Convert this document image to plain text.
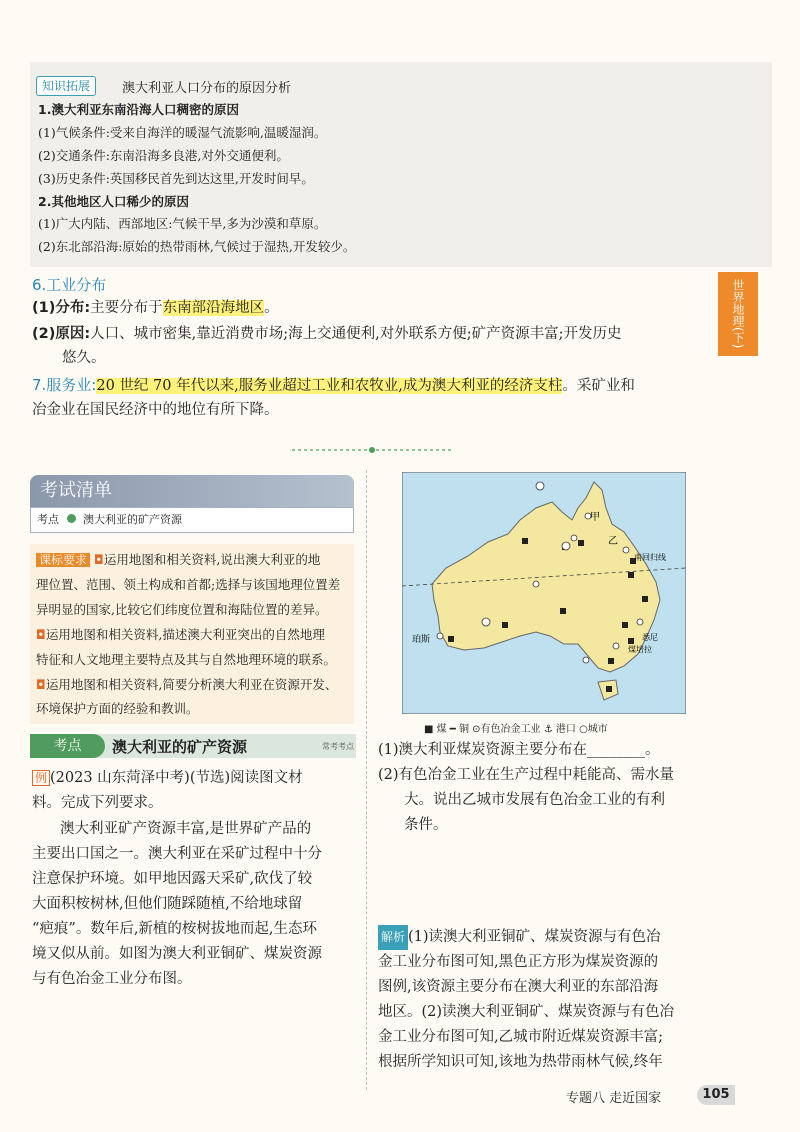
知识拓展	澳大利亚人口分布的原因分析
1.澳大利亚东南沿海人口稠密的原因
(1)气候条件:受来自海洋的暖湿气流影响,温暖湿润。
(2)交通条件:东南沿海多良港,对外交通便利。
(3)历史条件:英国移民首先到达这里,开发时间早。
2.其他地区人口稀少的原因
(1)广大内陆、西部地区:气候干旱,多为沙漠和草原。
(2)东北部沿海:原始的热带雨林,气候过于湿热,开发较少。
世界地理(下)
6.工业分布
(1)分布:主要分布于东南部沿海地区。
(2)原因:人口、城市密集,靠近消费市场;海上交通便利,对外联系方便;矿产资源丰富;开发历史
悠久。
7.服务业:20 世纪 70 年代以来,服务业超过工业和农牧业,成为澳大利亚的经济支柱。采矿业和
冶金业在国民经济中的地位有所下降。
考试清单
考点 澳大利亚的矿产资源
课标要求 ◘运用地图和相关资料,说出澳大利亚的地
理位置、范围、领土构成和首都;选择与该国地理位置差
异明显的国家,比较它们纬度位置和海陆位置的差异。
◘运用地图和相关资料,描述澳大利亚突出的自然地理
特征和人文地理主要特点及其与自然地理环境的联系。
◘运用地图和相关资料,简要分析澳大利亚在资源开发、
环境保护方面的经验和教训。
考点	澳大利亚的矿产资源	常考考点
例 (2023 山东菏泽中考)(节选)阅读图文材
料。完成下列要求。
澳大利亚矿产资源丰富,是世界矿产品的
主要出口国之一。澳大利亚在采矿过程中十分
注意保护环境。如甲地因露天采矿,砍伐了较
大面积桉树林,但他们随踩随植,不给地球留
“疤痕”。数年后,新植的桉树拔地而起,生态环
境又似从前。如图为澳大利亚铜矿、煤炭资源
与有色冶金工业分布图。
甲
乙
南回归线
珀斯	悉尼
煤培拉
■ 煤 ━ 铜 ⊙有色冶金工业 ⚓ 港口 ○城市
(1)澳大利亚煤炭资源主要分布在________。
(2)有色冶金工业在生产过程中耗能高、需水量
大。说出乙城市发展有色冶金工业的有利
条件。
解析 (1)读澳大利亚铜矿、煤炭资源与有色冶
金工业分布图可知,黑色正方形为煤炭资源的
图例,该资源主要分布在澳大利亚的东部沿海
地区。(2)读澳大利亚铜矿、煤炭资源与有色冶
金工业分布图可知,乙城市附近煤炭资源丰富;
根据所学知识可知,该地为热带雨林气候,终年
专题八 走近国家	105
